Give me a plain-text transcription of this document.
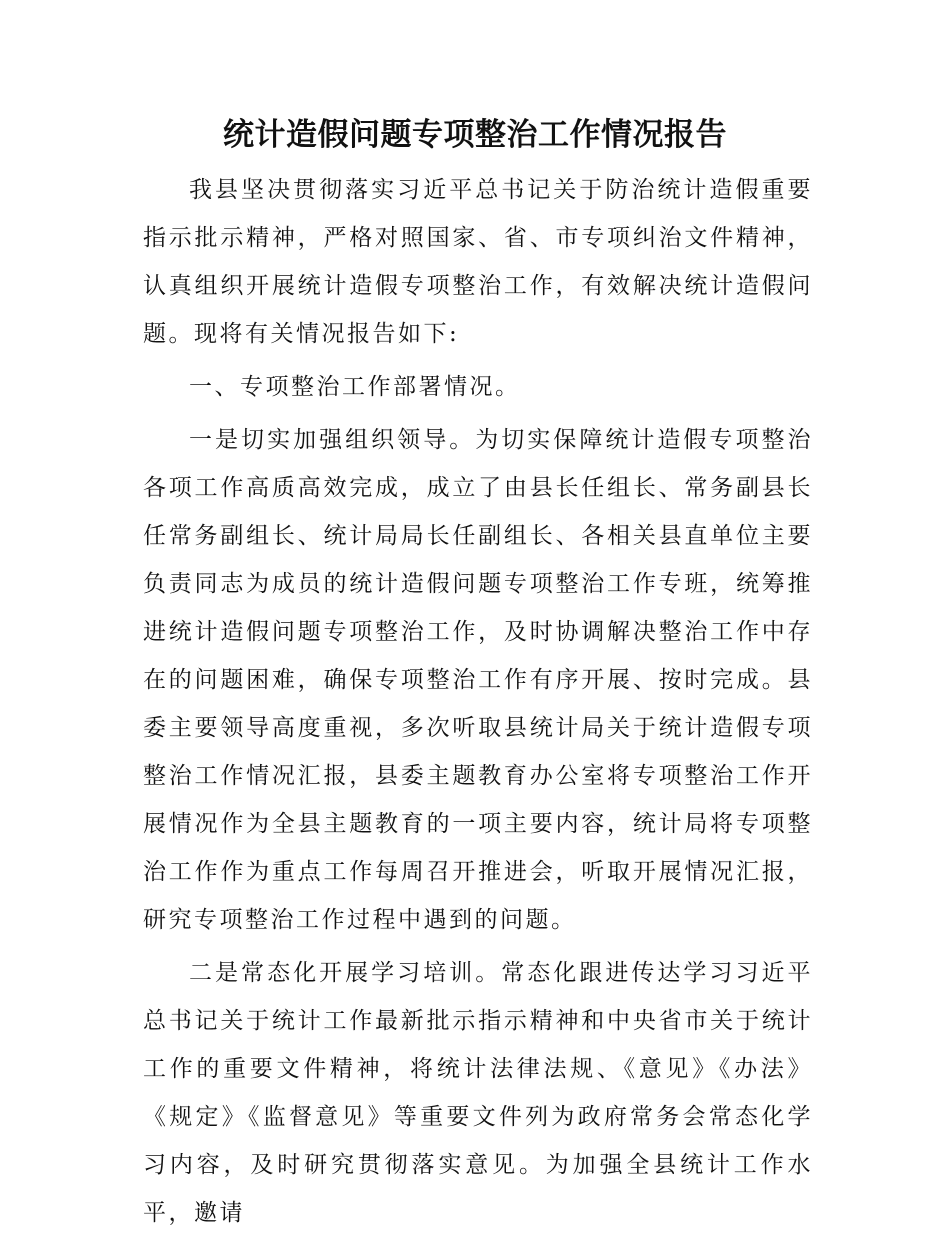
统计造假问题专项整治工作情况报告

我县坚决贯彻落实习近平总书记关于防治统计造假重要指示批示精神，严格对照国家、省、市专项纠治文件精神，认真组织开展统计造假专项整治工作，有效解决统计造假问题。现将有关情况报告如下:

一、专项整治工作部署情况。

一是切实加强组织领导。为切实保障统计造假专项整治各项工作高质高效完成，成立了由县长任组长、常务副县长任常务副组长、统计局局长任副组长、各相关县直单位主要负责同志为成员的统计造假问题专项整治工作专班，统筹推进统计造假问题专项整治工作，及时协调解决整治工作中存在的问题困难，确保专项整治工作有序开展、按时完成。县委主要领导高度重视，多次听取县统计局关于统计造假专项整治工作情况汇报，县委主题教育办公室将专项整治工作开展情况作为全县主题教育的一项主要内容，统计局将专项整治工作作为重点工作每周召开推进会，听取开展情况汇报，研究专项整治工作过程中遇到的问题。

二是常态化开展学习培训。常态化跟进传达学习习近平总书记关于统计工作最新批示指示精神和中央省市关于统计工作的重要文件精神，将统计法律法规、《意见》《办法》《规定》《监督意见》等重要文件列为政府常务会常态化学习内容，及时研究贯彻落实意见。为加强全县统计工作水平，邀请
